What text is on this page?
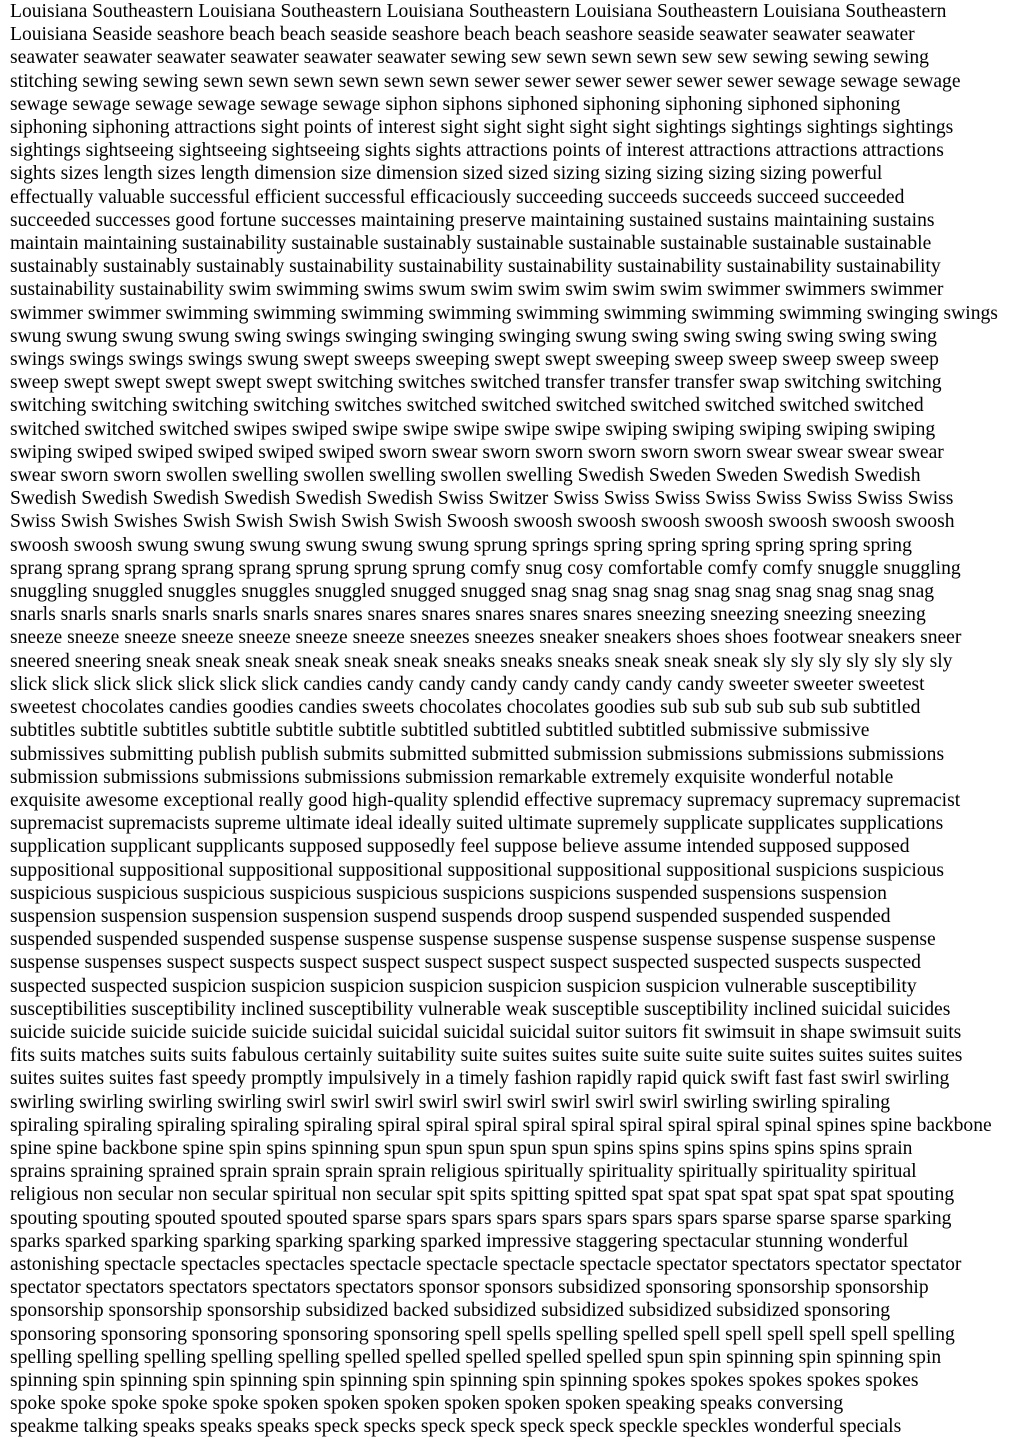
Louisiana Southeastern Louisiana Southeastern Louisiana Southeastern Louisiana Southeastern Louisiana Southeastern
Louisiana Seaside seashore beach beach seaside seashore beach beach seashore seaside seawater seawater seawater
seawater seawater seawater seawater seawater seawater sewing sew sewn sewn sewn sew sew sewing sewing sewing
stitching sewing sewing sewn sewn sewn sewn sewn sewn sewer sewer sewer sewer sewer sewer sewage sewage sewage
sewage sewage sewage sewage sewage sewage siphon siphons siphoned siphoning siphoning siphoned siphoning
siphoning siphoning attractions sight points of interest sight sight sight sight sight sightings sightings sightings sightings
sightings sightseeing sightseeing sightseeing sights sights attractions points of interest attractions attractions attractions
sights sizes length sizes length dimension size dimension sized sized sizing sizing sizing sizing sizing powerful
effectually valuable successful efficient successful efficaciously succeeding succeeds succeeds succeed succeeded
succeeded successes good fortune successes maintaining preserve maintaining sustained sustains maintaining sustains
maintain maintaining sustainability sustainable sustainably sustainable sustainable sustainable sustainable sustainable
sustainably sustainably sustainably sustainability sustainability sustainability sustainability sustainability sustainability
sustainability sustainability swim swimming swims swum swim swim swim swim swim swimmer swimmers swimmer
swimmer swimmer swimming swimming swimming swimming swimming swimming swimming swimming swinging swings
swung swung swung swung swing swings swinging swinging swinging swung swing swing swing swing swing swing
swings swings swings swings swung swept sweeps sweeping swept swept sweeping sweep sweep sweep sweep sweep
sweep swept swept swept swept swept switching switches switched transfer transfer transfer swap switching switching
switching switching switching switching switches switched switched switched switched switched switched switched
switched switched switched swipes swiped swipe swipe swipe swipe swipe swiping swiping swiping swiping swiping
swiping swiped swiped swiped swiped swiped sworn swear sworn sworn sworn sworn sworn swear swear swear swear
swear sworn sworn swollen swelling swollen swelling swollen swelling Swedish Sweden Sweden Swedish Swedish
Swedish Swedish Swedish Swedish Swedish Swedish Swiss Switzer Swiss Swiss Swiss Swiss Swiss Swiss Swiss Swiss
Swiss Swish Swishes Swish Swish Swish Swish Swish Swoosh swoosh swoosh swoosh swoosh swoosh swoosh swoosh
swoosh swoosh swung swung swung swung swung swung sprung springs spring spring spring spring spring spring
sprang sprang sprang sprang sprang sprung sprung sprung comfy snug cosy comfortable comfy comfy snuggle snuggling
snuggling snuggled snuggles snuggles snuggled snugged snugged snag snag snag snag snag snag snag snag snag snag
snarls snarls snarls snarls snarls snarls snares snares snares snares snares snares sneezing sneezing sneezing sneezing
sneeze sneeze sneeze sneeze sneeze sneeze sneeze sneezes sneezes sneaker sneakers shoes shoes footwear sneakers sneer
sneered sneering sneak sneak sneak sneak sneak sneak sneaks sneaks sneaks sneak sneak sneak sly sly sly sly sly sly sly
slick slick slick slick slick slick slick candies candy candy candy candy candy candy candy sweeter sweeter sweetest
sweetest chocolates candies goodies candies sweets chocolates chocolates goodies sub sub sub sub sub sub subtitled
subtitles subtitle subtitles subtitle subtitle subtitle subtitled subtitled subtitled subtitled submissive submissive
submissives submitting publish publish submits submitted submitted submission submissions submissions submissions
submission submissions submissions submissions submission remarkable extremely exquisite wonderful notable
exquisite awesome exceptional really good high-quality splendid effective supremacy supremacy supremacy supremacist
supremacist supremacists supreme ultimate ideal ideally suited ultimate supremely supplicate supplicates supplications
supplication supplicant supplicants supposed supposedly feel suppose believe assume intended supposed supposed
suppositional suppositional suppositional suppositional suppositional suppositional suppositional suspicions suspicious
suspicious suspicious suspicious suspicious suspicious suspicions suspicions suspended suspensions suspension
suspension suspension suspension suspension suspend suspends droop suspend suspended suspended suspended
suspended suspended suspended suspense suspense suspense suspense suspense suspense suspense suspense suspense
suspense suspenses suspect suspects suspect suspect suspect suspect suspect suspected suspected suspects suspected
suspected suspected suspicion suspicion suspicion suspicion suspicion suspicion suspicion vulnerable susceptibility
susceptibilities susceptibility inclined susceptibility vulnerable weak susceptible susceptibility inclined suicidal suicides
suicide suicide suicide suicide suicide suicidal suicidal suicidal suicidal suitor suitors fit swimsuit in shape swimsuit suits
fits suits matches suits suits fabulous certainly suitability suite suites suites suite suite suite suite suites suites suites suites
suites suites suites fast speedy promptly impulsively in a timely fashion rapidly rapid quick swift fast fast swirl swirling
swirling swirling swirling swirling swirl swirl swirl swirl swirl swirl swirl swirl swirl swirling swirling spiraling
spiraling spiraling spiraling spiraling spiraling spiral spiral spiral spiral spiral spiral spiral spiral spinal spines spine backbone
spine spine backbone spine spin spins spinning spun spun spun spun spun spins spins spins spins spins spins sprain
sprains spraining sprained sprain sprain sprain sprain religious spiritually spirituality spiritually spirituality spiritual
religious non secular non secular spiritual non secular spit spits spitting spitted spat spat spat spat spat spat spat spouting
spouting spouting spouted spouted spouted sparse spars spars spars spars spars spars spars sparse sparse sparse sparking
sparks sparked sparking sparking sparking sparking sparked impressive staggering spectacular stunning wonderful
astonishing spectacle spectacles spectacles spectacle spectacle spectacle spectacle spectator spectators spectator spectator
spectator spectators spectators spectators spectators sponsor sponsors subsidized sponsoring sponsorship sponsorship
sponsorship sponsorship sponsorship subsidized backed subsidized subsidized subsidized subsidized sponsoring
sponsoring sponsoring sponsoring sponsoring sponsoring spell spells spelling spelled spell spell spell spell spell spelling
spelling spelling spelling spelling spelling spelled spelled spelled spelled spelled spun spin spinning spin spinning spin
spinning spin spinning spin spinning spin spinning spin spinning spin spinning spokes spokes spokes spokes spokes
spoke spoke spoke spoke spoke spoken spoken spoken spoken spoken spoken speaking speaks conversing
speakme talking speaks speaks speaks speck specks speck speck speck speck speckle speckles wonderful specials
